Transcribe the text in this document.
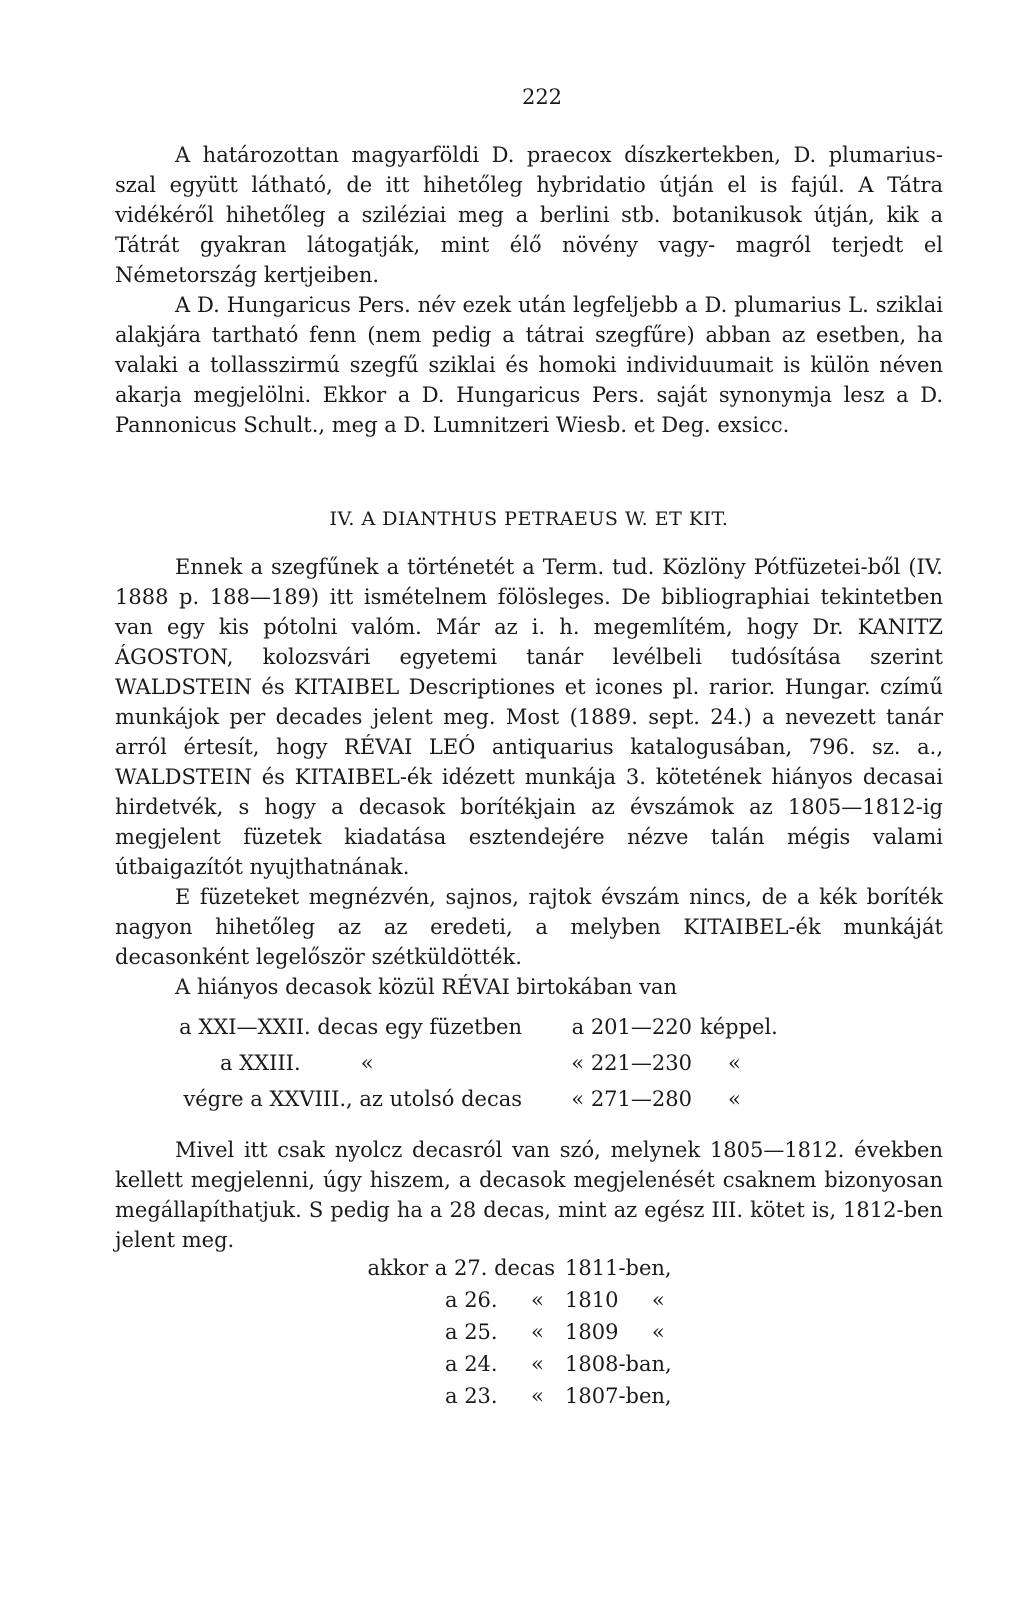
222

A határozottan magyarföldi D. praecox díszkertekben, D. plumarius-szal együtt látható, de itt hihetőleg hybridatio útján el is fajúl. A Tátra vidékéről hihetőleg a sziléziai meg a berlini stb. botanikusok útján, kik a Tátrát gyakran látogatják, mint élő növény vagy- magról terjedt el Németország kertjeiben.

A D. Hungaricus Pers. név ezek után legfeljebb a D. plumarius L. sziklai alakjára tartható fenn (nem pedig a tátrai szegfűre) abban az esetben, ha valaki a tollasszirmú szegfű sziklai és homoki individuumait is külön néven akarja megjelölni. Ekkor a D. Hungaricus Pers. saját synonymja lesz a D. Pannonicus Schult., meg a D. Lumnitzeri Wiesb. et Deg. exsicc.

IV. A DIANTHUS PETRAEUS W. ET KIT.

Ennek a szegfűnek a történetét a Term. tud. Közlöny Pótfüzetei-ből (IV. 1888 p. 188—189) itt ismételnem fölösleges. De bibliographiai tekintetben van egy kis pótolni valóm. Már az i. h. megemlítém, hogy Dr. KANITZ ÁGOSTON, kolozsvári egyetemi tanár levélbeli tudósítása szerint WALDSTEIN és KITAIBEL Descriptiones et icones pl. rarior. Hungar. czímű munkájok per decades jelent meg. Most (1889. sept. 24.) a nevezett tanár arról értesít, hogy RÉVAI LEÓ antiquarius katalogusában, 796. sz. a., WALDSTEIN és KITAIBEL-ék idézett munkája 3. kötetének hiányos decasai hirdetvék, s hogy a decasok borítékjain az évszámok az 1805—1812-ig megjelent füzetek kiadatása esztendejére nézve talán mégis valami útbaigazítót nyujthatnának.

E füzeteket megnézvén, sajnos, rajtok évszám nincs, de a kék boríték nagyon hihetőleg az az eredeti, a melyben KITAIBEL-ék munkáját decasonként legelőször szétküldötték.

A hiányos decasok közül RÉVAI birtokában van

a XXI—XXII. decas egy füzetben	a 201—220 képpel.
a XXIII.         «	« 221—230	«
végre a XXVIII., az utolsó decas	« 271—280	«

Mivel itt csak nyolcz decasról van szó, melynek 1805—1812. években kellett megjelenni, úgy hiszem, a decasok megjelenését csaknem bizonyosan megállapíthatjuk. S pedig ha a 28 decas, mint az egész III. kötet is, 1812-ben jelent meg.

akkor a 27. decas 1811-ben,
a 26.     «	1810     «
a 25.     «	1809     «
a 24.     «	1808-ban,
a 23.     «	1807-ben,
